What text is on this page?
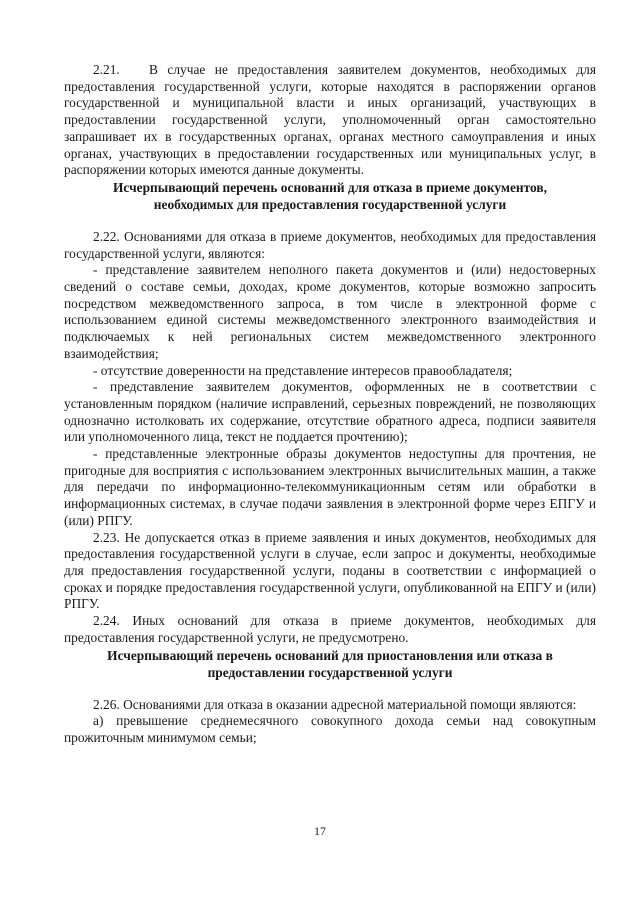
2.21. В случае не предоставления заявителем документов, необходимых для предоставления государственной услуги, которые находятся в распоряжении органов государственной и муниципальной власти и иных организаций, участвующих в предоставлении государственной услуги, уполномоченный орган самостоятельно запрашивает их в государственных органах, органах местного самоуправления и иных органах, участвующих в предоставлении государственных или муниципальных услуг, в распоряжении которых имеются данные документы.

Исчерпывающий перечень оснований для отказа в приеме документов, необходимых для предоставления государственной услуги

2.22. Основаниями для отказа в приеме документов, необходимых для предоставления государственной услуги, являются:

- представление заявителем неполного пакета документов и (или) недостоверных сведений о составе семьи, доходах, кроме документов, которые возможно запросить посредством межведомственного запроса, в том числе в электронной форме с использованием единой системы межведомственного электронного взаимодействия и подключаемых к ней региональных систем межведомственного электронного взаимодействия;

- отсутствие доверенности на представление интересов правообладателя;

- представление заявителем документов, оформленных не в соответствии с установленным порядком (наличие исправлений, серьезных повреждений, не позволяющих однозначно истолковать их содержание, отсутствие обратного адреса, подписи заявителя или уполномоченного лица, текст не поддается прочтению);

- представленные электронные образы документов недоступны для прочтения, не пригодные для восприятия с использованием электронных вычислительных машин, а также для передачи по информационно-телекоммуникационным сетям или обработки в информационных системах, в случае подачи заявления в электронной форме через ЕПГУ и (или) РПГУ.

2.23. Не допускается отказ в приеме заявления и иных документов, необходимых для предоставления государственной услуги в случае, если запрос и документы, необходимые для предоставления государственной услуги, поданы в соответствии с информацией о сроках и порядке предоставления государственной услуги, опубликованной на ЕПГУ и (или) РПГУ.

2.24. Иных оснований для отказа в приеме документов, необходимых для предоставления государственной услуги, не предусмотрено.

Исчерпывающий перечень оснований для приостановления или отказа в предоставлении государственной услуги

2.26. Основаниями для отказа в оказании адресной материальной помощи являются:

а) превышение среднемесячного совокупного дохода семьи над совокупным прожиточным минимумом семьи;

17
